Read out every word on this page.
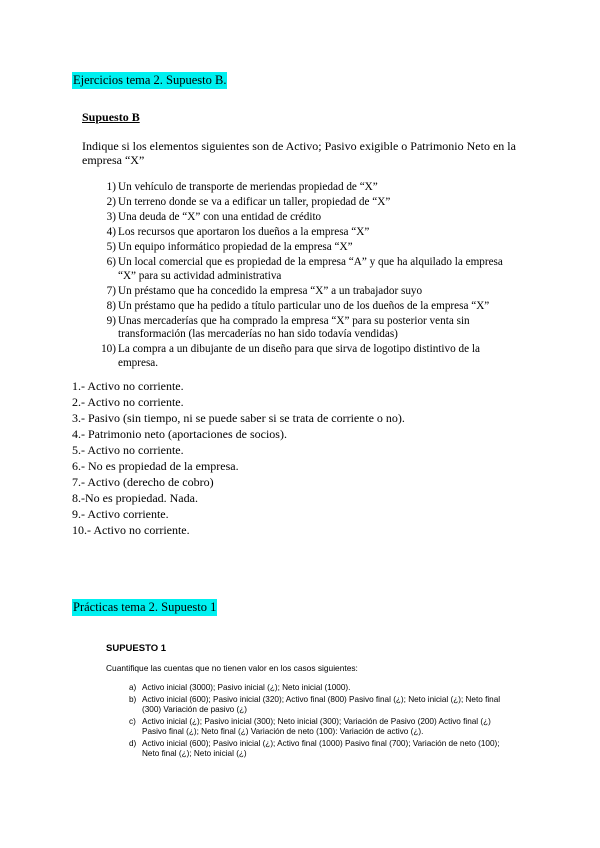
Ejercicios tema 2. Supuesto B.
Supuesto B
Indique si los elementos siguientes son de Activo; Pasivo exigible o Patrimonio Neto en la empresa “X”
1) Un vehículo de transporte de meriendas propiedad de “X”
2) Un terreno donde se va a edificar un taller, propiedad de “X”
3) Una deuda de “X” con una entidad de crédito
4) Los recursos que aportaron los dueños a la empresa “X”
5) Un equipo informático propiedad de la empresa “X”
6) Un local comercial que es propiedad de la empresa “A” y que ha alquilado la empresa “X” para su actividad administrativa
7) Un préstamo que ha concedido la empresa “X” a un trabajador suyo
8) Un préstamo que ha pedido a título particular uno de los dueños de la empresa “X”
9) Unas mercaderías que ha comprado la empresa “X” para su posterior venta sin transformación (las mercaderías no han sido todavía vendidas)
10) La compra a un dibujante de un diseño para que sirva de logotipo distintivo de la empresa.
1.- Activo no corriente.
2.- Activo no corriente.
3.- Pasivo (sin tiempo, ni se puede saber si se trata de corriente o no).
4.- Patrimonio neto (aportaciones de socios).
5.- Activo no corriente.
6.- No es propiedad de la empresa.
7.- Activo (derecho de cobro)
8.-No es propiedad. Nada.
9.- Activo corriente.
10.- Activo no corriente.
Prácticas tema 2. Supuesto 1
SUPUESTO 1
Cuantifique las cuentas que no tienen valor en los casos siguientes:
a) Activo inicial (3000); Pasivo inicial (¿); Neto inicial (1000).
b) Activo inicial (600); Pasivo inicial (320); Activo final (800) Pasivo final (¿); Neto inicial (¿); Neto final (300) Variación de pasivo (¿)
c) Activo inicial (¿); Pasivo inicial (300); Neto inicial (300); Variación de Pasivo (200) Activo final (¿) Pasivo final (¿); Neto final (¿) Variación de neto (100): Variación de activo (¿).
d) Activo inicial (600); Pasivo inicial (¿); Activo final (1000) Pasivo final (700); Variación de neto (100); Neto final (¿); Neto inicial (¿)
